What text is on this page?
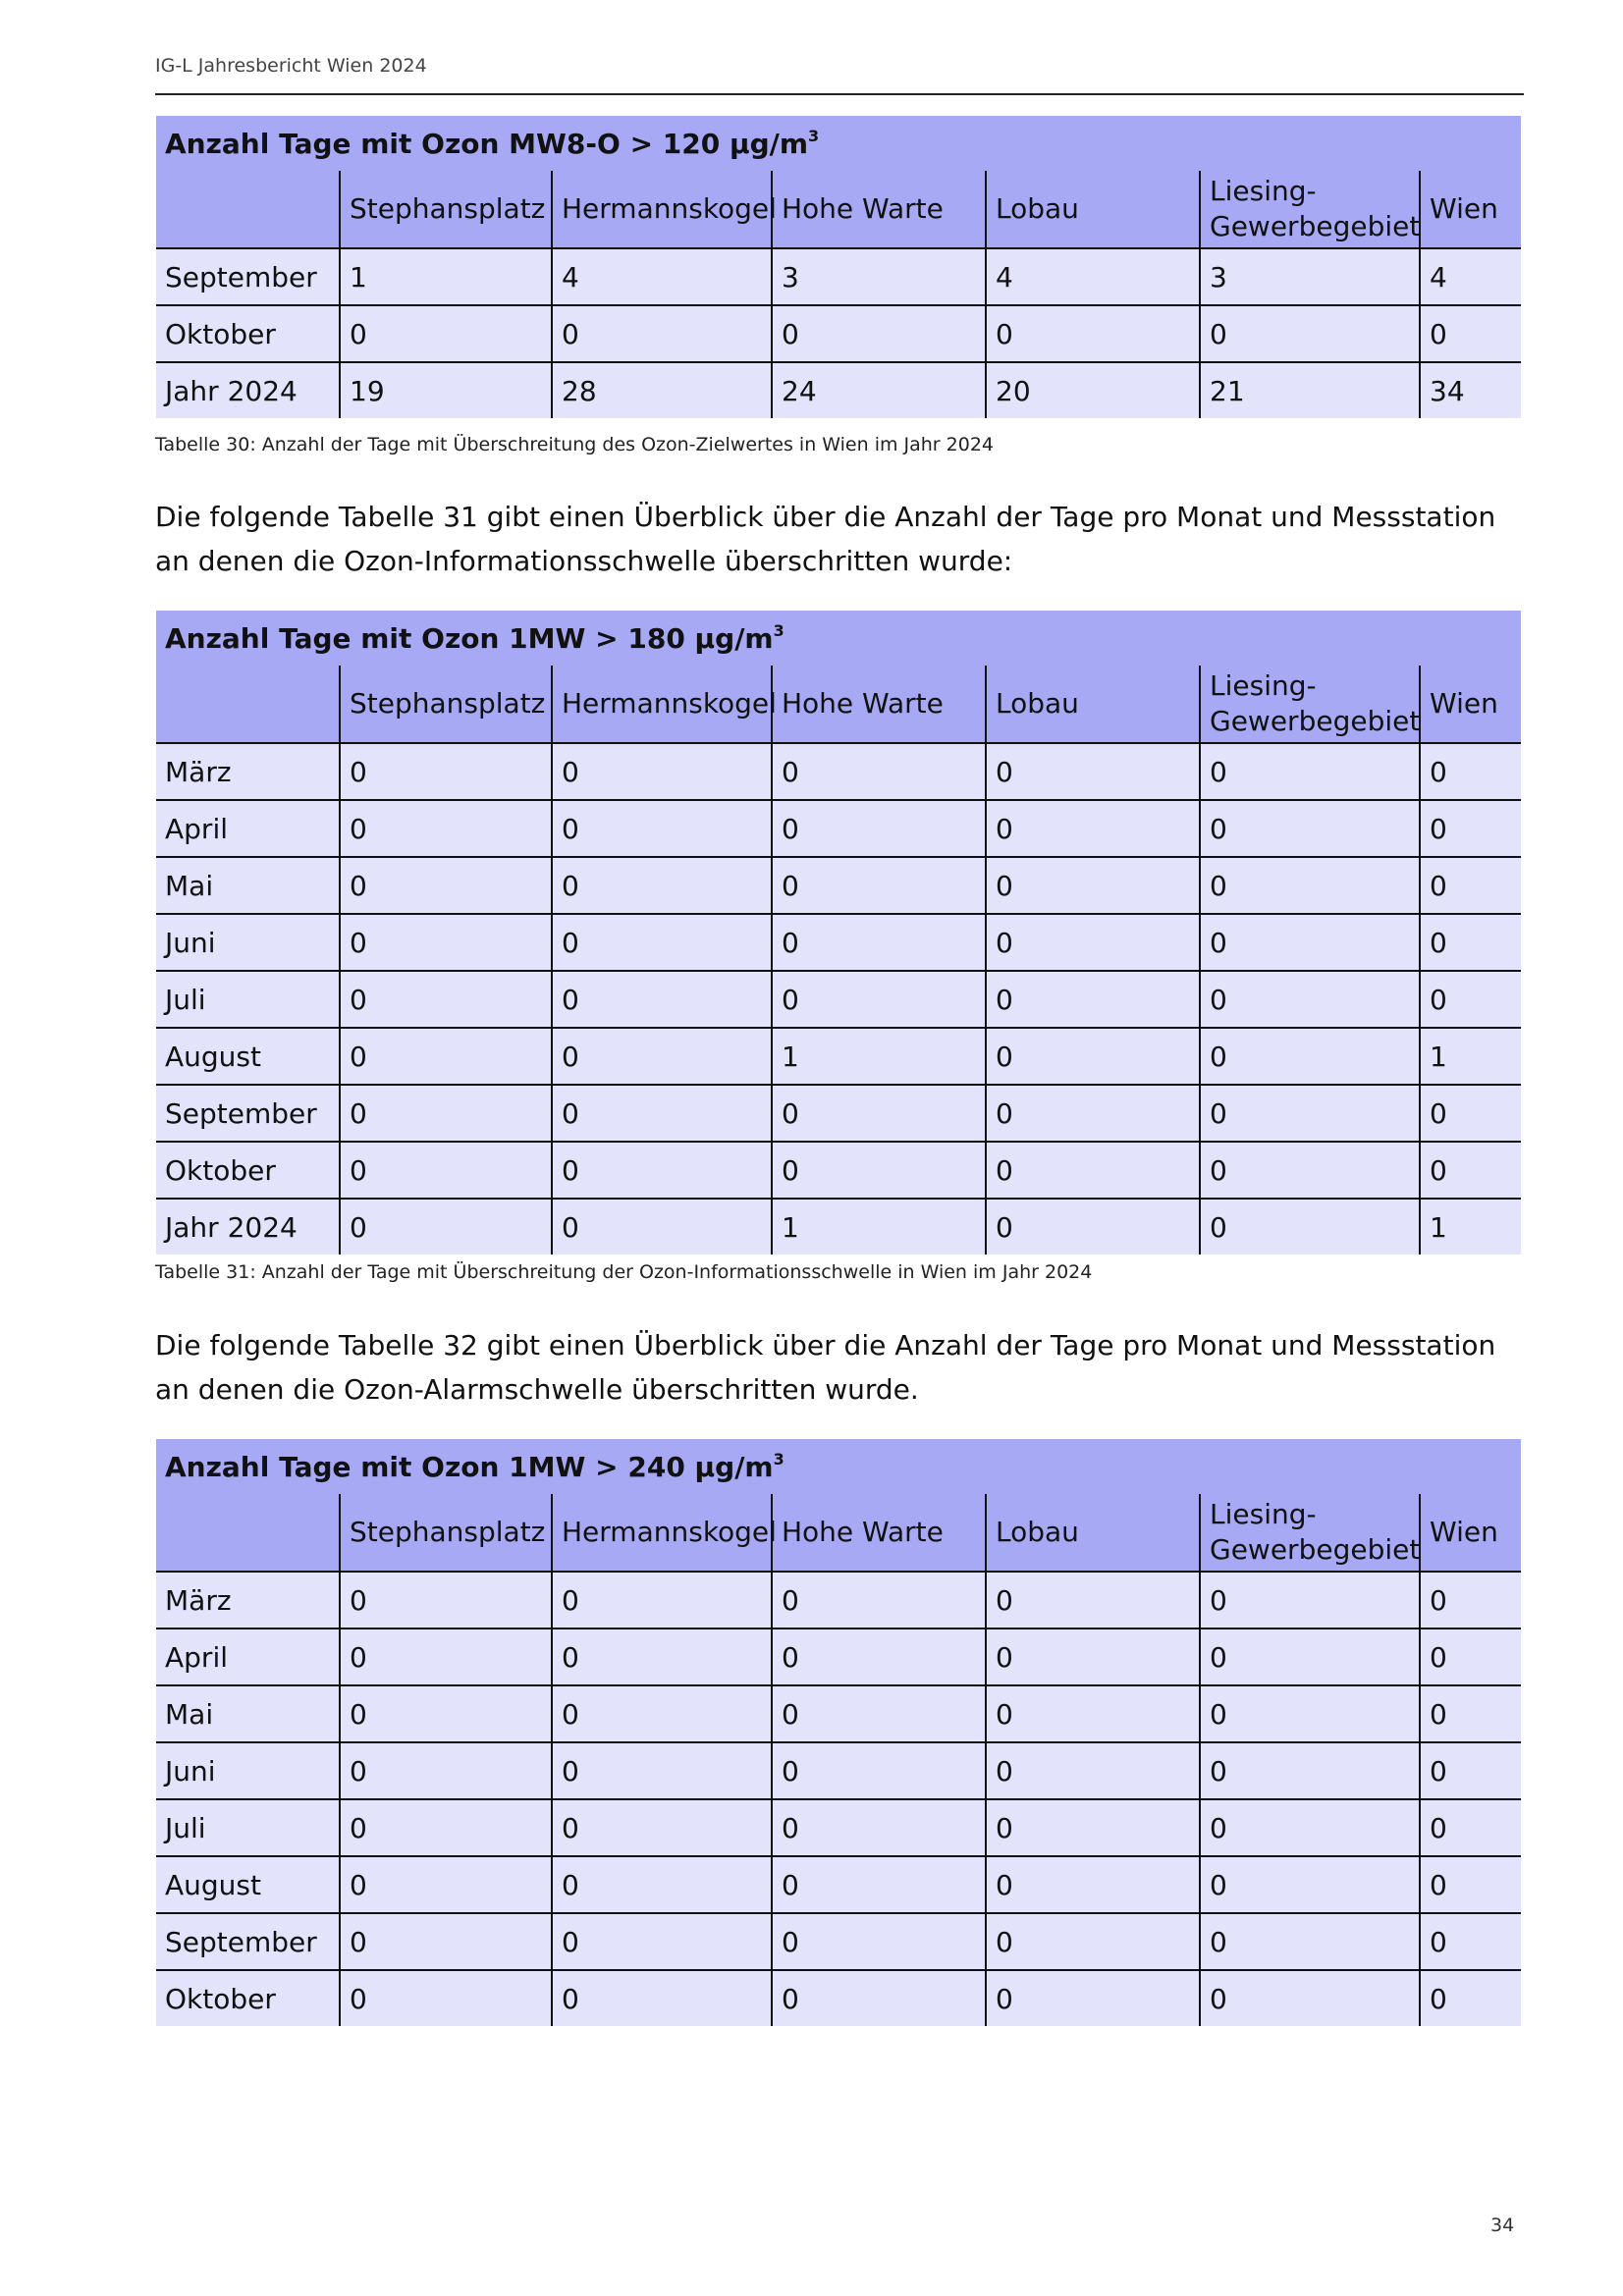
IG-L Jahresbericht Wien 2024
Anzahl Tage mit Ozon MW8-O > 120 $\mu g/m^3$
	Stephansplatz	Hermannskogel	Hohe Warte	Lobau	Liesing-
Gewerbegebiet	Wien
September	1	4	3	4	3	4
Oktober	0	0	0	0	0	0
Jahr 2024	19	28	24	20	21	34
Tabelle 30: Anzahl der Tage mit Überschreitung des Ozon-Zielwertes in Wien im Jahr 2024
Die folgende Tabelle 31 gibt einen Überblick über die Anzahl der Tage pro Monat und Messstation an denen die Ozon-Informationsschwelle überschritten wurde:
Anzahl Tage mit Ozon 1MW > 180 $\mu g/m^3$
	Stephansplatz	Hermannskogel	Hohe Warte	Lobau	Liesing-
Gewerbegebiet	Wien
März	0	0	0	0	0	0
April	0	0	0	0	0	0
Mai	0	0	0	0	0	0
Juni	0	0	0	0	0	0
Juli	0	0	0	0	0	0
August	0	0	1	0	0	1
September	0	0	0	0	0	0
Oktober	0	0	0	0	0	0
Jahr 2024	0	0	1	0	0	1
Tabelle 31: Anzahl der Tage mit Überschreitung der Ozon-Informationsschwelle in Wien im Jahr 2024
Die folgende Tabelle 32 gibt einen Überblick über die Anzahl der Tage pro Monat und Messstation an denen die Ozon-Alarmschwelle überschritten wurde.
Anzahl Tage mit Ozon 1MW > 240 $\mu g/m^3$
	Stephansplatz	Hermannskogel	Hohe Warte	Lobau	Liesing-
Gewerbegebiet	Wien
März	0	0	0	0	0	0
April	0	0	0	0	0	0
Mai	0	0	0	0	0	0
Juni	0	0	0	0	0	0
Juli	0	0	0	0	0	0
August	0	0	0	0	0	0
September	0	0	0	0	0	0
Oktober	0	0	0	0	0	0
34
